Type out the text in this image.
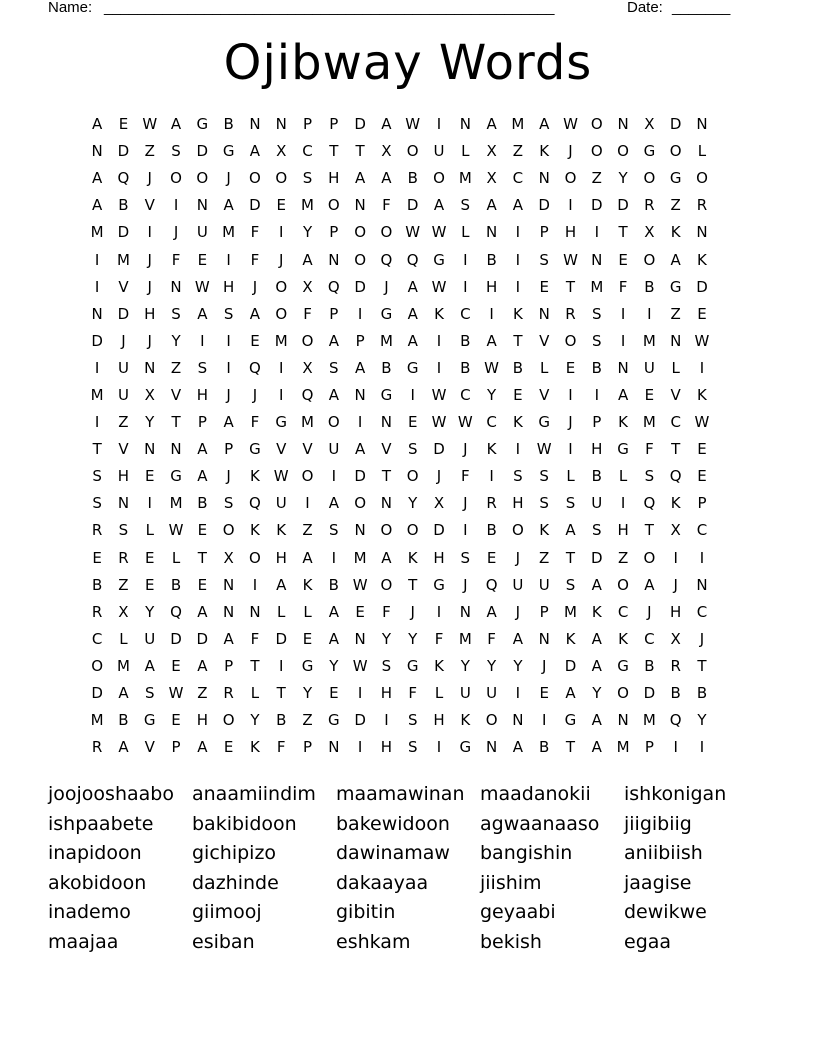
Name: ______________________________________________________	Date: _______
Ojibway Words
A	E W A	G	B	N	N	P	P	D	A W	I	N	A M A W O N	X	D N
N D	Z	S	D G	A	X	C	T	T	X	O U	L	X	Z	K	J	O O G O	L
A	Q	J	O O	J	O O	S	H	A	A	B	O M X	C	N O	Z	Y	O G O
A	B	V	I	N	A	D	E	M O N	F	D	A	S	A	A	D	I	D D	R	Z	R
M D	I	J	U M	F	I	Y	P	O O W W L	N	I	P	H	I	T	X	K	N
I	M	J	F	E	I	F	J	A	N O Q Q G	I	B	I	S W N	E	O	A	K
I	V	J	N W H	J	O	X	Q D	J	A W	I	H	I	E	T	M	F	B	G D
N D H	S	A	S	A	O	F	P	I	G	A	K	C	I	K	N	R	S	I	I	Z	E
D	J	J	Y	I	I	E	M O	A	P	M A	I	B	A	T	V	O	S	I	M N W
I	U	N	Z	S	I	Q	I	X	S	A	B	G	I	B W B	L	E	B	N	U	L	I
M U	X	V	H	J	J	I	Q	A	N G	I	W C	Y	E	V	I	I	A	E	V	K
I	Z	Y	T	P	A	F	G M O	I	N	E W W C	K	G	J	P	K M C W
T	V	N	N	A	P	G	V	V	U	A	V	S	D	J	K	I	W	I	H G	F	T	E
S	H	E	G	A	J	K W O	I	D	T	O	J	F	I	S	S	L	B	L	S	Q	E
S	N	I	M B	S	Q U	I	A	O N	Y	X	J	R	H	S	S	U	I	Q	K	P
R	S	L W E	O	K	K	Z	S	N O O D	I	B	O	K	A	S	H	T	X	C
E	R	E	L	T	X	O H	A	I	M A	K	H	S	E	J	Z	T	D	Z	O	I	I
B	Z	E	B	E	N	I	A	K	B W O	T	G	J	Q U	U	S	A	O	A	J	N
R	X	Y	Q	A	N	N	L	L	A	E	F	J	I	N	A	J	P	M K	C	J	H	C
C	L	U	D D	A	F	D	E	A	N	Y	Y	F	M	F	A	N	K	A	K	C	X	J
O M A	E	A	P	T	I	G	Y W S	G	K	Y	Y	Y	J	D	A	G	B	R	T
D	A	S W Z	R	L	T	Y	E	I	H	F	L	U	U	I	E	A	Y	O D	B	B
M B	G	E	H O	Y	B	Z	G D	I	S	H	K	O N	I	G	A	N M Q	Y
R	A	V	P	A	E	K	F	P	N	I	H	S	I	G N	A	B	T	A M	P	I	I
joojooshaabo
ishpaabete
inapidoon
akobidoon
inademo
maajaa
anaamiindim
bakibidoon
gichipizo
dazhinde
giimooj
esiban
maamawinan
bakewidoon
dawinamaw
dakaayaa
gibitin
eshkam
maadanokii
agwaanaaso
bangishin
jiishim
geyaabi
bekish
ishkonigan
jiigibiig
aniibiish
jaagise
dewikwe
egaa
